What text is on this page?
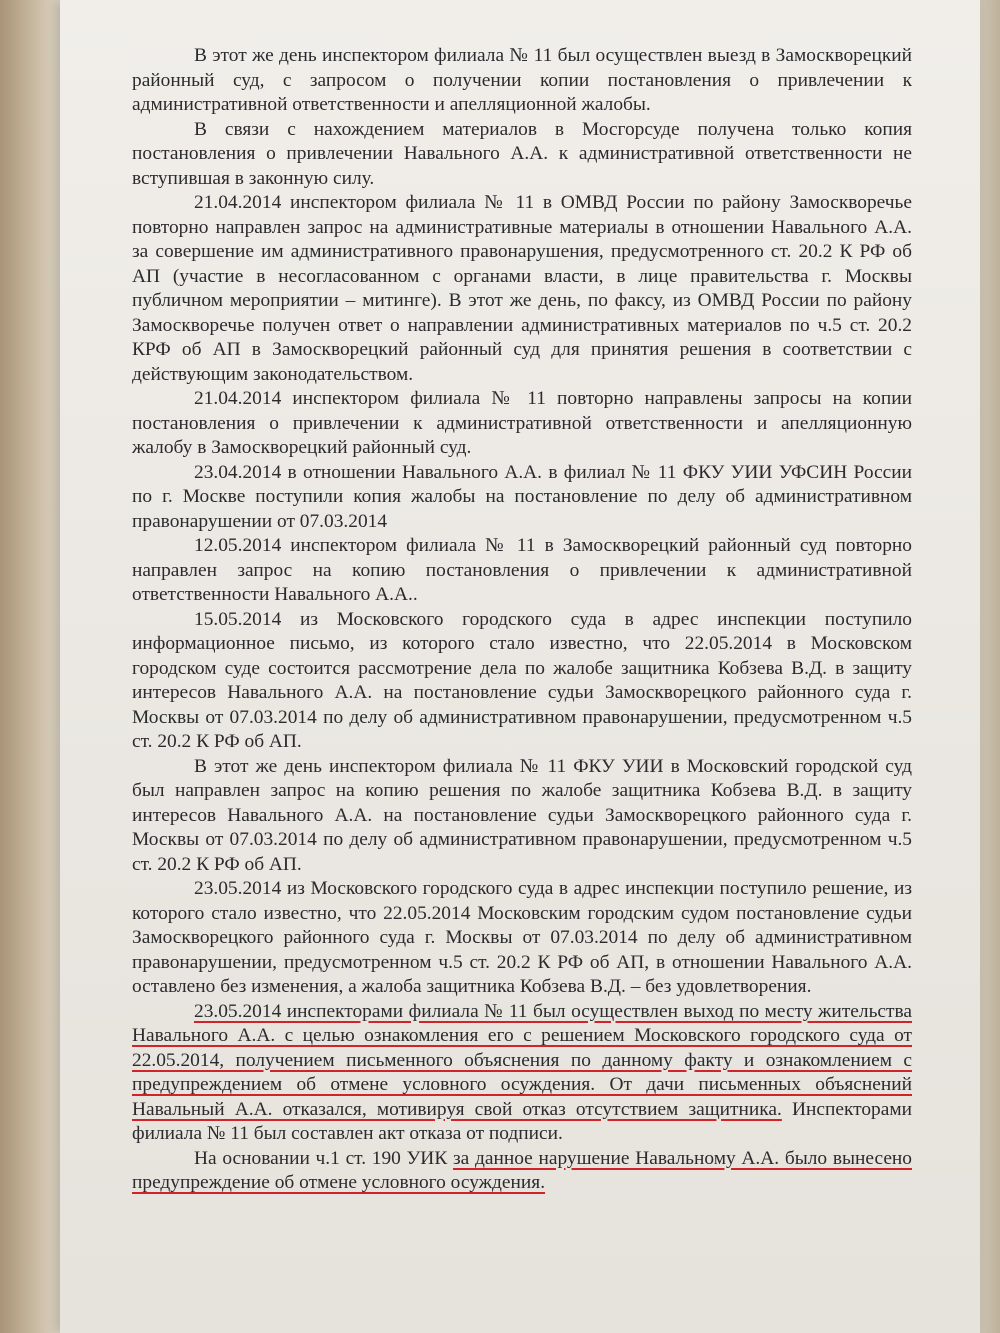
В этот же день инспектором филиала № 11 был осуществлен выезд в Замоскворецкий районный суд, с запросом о получении копии постановления о привлечении к административной ответственности и апелляционной жалобы.

В связи с нахождением материалов в Мосгорсуде получена только копия постановления о привлечении Навального А.А. к административной ответственности не вступившая в законную силу.

21.04.2014 инспектором филиала № 11 в ОМВД России по району Замоскворечье повторно направлен запрос на административные материалы в отношении Навального А.А. за совершение им административного правонарушения, предусмотренного ст. 20.2 К РФ об АП (участие в несогласованном с органами власти, в лице правительства г. Москвы публичном мероприятии – митинге). В этот же день, по факсу, из ОМВД России по району Замоскворечье получен ответ о направлении административных материалов по ч.5 ст. 20.2 КРФ об АП в Замоскворецкий районный суд для принятия решения в соответствии с действующим законодательством.

21.04.2014 инспектором филиала № 11 повторно направлены запросы на копии постановления о привлечении к административной ответственности и апелляционную жалобу в Замоскворецкий районный суд.

23.04.2014 в отношении Навального А.А. в филиал № 11 ФКУ УИИ УФСИН России по г. Москве поступили копия жалобы на постановление по делу об административном правонарушении от 07.03.2014

12.05.2014 инспектором филиала № 11 в Замоскворецкий районный суд повторно направлен запрос на копию постановления о привлечении к административной ответственности Навального А.А..

15.05.2014 из Московского городского суда в адрес инспекции поступило информационное письмо, из которого стало известно, что 22.05.2014 в Московском городском суде состоится рассмотрение дела по жалобе защитника Кобзева В.Д. в защиту интересов Навального А.А. на постановление судьи Замоскворецкого районного суда г. Москвы от 07.03.2014 по делу об административном правонарушении, предусмотренном ч.5 ст. 20.2 К РФ об АП.

В этот же день инспектором филиала № 11 ФКУ УИИ в Московский городской суд был направлен запрос на копию решения по жалобе защитника Кобзева В.Д. в защиту интересов Навального А.А. на постановление судьи Замоскворецкого районного суда г. Москвы от 07.03.2014 по делу об административном правонарушении, предусмотренном ч.5 ст. 20.2 К РФ об АП.

23.05.2014 из Московского городского суда в адрес инспекции поступило решение, из которого стало известно, что 22.05.2014 Московским городским судом постановление судьи Замоскворецкого районного суда г. Москвы от 07.03.2014 по делу об административном правонарушении, предусмотренном ч.5 ст. 20.2 К РФ об АП, в отношении Навального А.А. оставлено без изменения, а жалоба защитника Кобзева В.Д. – без удовлетворения.

23.05.2014 инспекторами филиала № 11 был осуществлен выход по месту жительства Навального А.А. с целью ознакомления его с решением Московского городского суда от 22.05.2014, получением письменного объяснения по данному факту и ознакомлением с предупреждением об отмене условного осуждения. От дачи письменных объяснений Навальный А.А. отказался, мотивируя свой отказ отсутствием защитника. Инспекторами филиала № 11 был составлен акт отказа от подписи.

На основании ч.1 ст. 190 УИК за данное нарушение Навальному А.А. было вынесено предупреждение об отмене условного осуждения.
